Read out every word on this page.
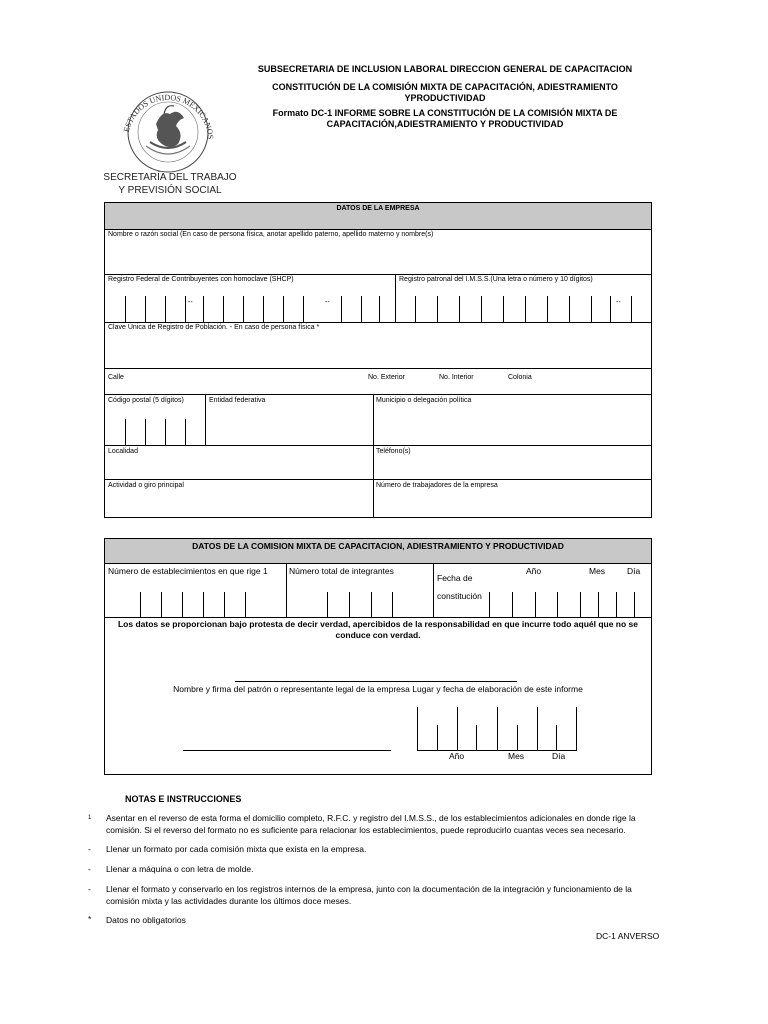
SUBSECRETARIA DE INCLUSION LABORAL DIRECCION GENERAL DE CAPACITACION
CONSTITUCIÓN DE LA COMISIÓN MIXTA DE CAPACITACIÓN, ADIESTRAMIENTO YPRODUCTIVIDAD
Formato DC-1 INFORME SOBRE LA CONSTITUCIÓN DE LA COMISIÓN MIXTA DE CAPACITACIÓN,ADIESTRAMIENTO Y PRODUCTIVIDAD
ESTADOS UNIDOS MEXICANOS
SECRETARÍA DEL TRABAJO
Y PREVISIÓN SOCIAL
DATOS DE LA EMPRESA
Nombre o razón social (En caso de persona física, anotar apellido paterno, apellido materno y nombre(s)
Registro Federal de Contribuyentes con homoclave (SHCP)	Registro patronal del I.M.S.S.(Una letra o número y 10 dígitos)
--	--	--
Clave Única de Registro de Población. - En caso de persona física *
Calle	No. Exterior	No. Interior	Colonia
Código postal (5 dígitos)	Entidad federativa	Municipio o delegación política
Localidad	Teléfono(s)
Actividad o giro principal	Número de trabajadores de la empresa
DATOS DE LA COMISION MIXTA DE CAPACITACION, ADIESTRAMIENTO Y PRODUCTIVIDAD
Número de establecimientos en que rige 1	Número total de integrantes
Fecha de
constitución
Año	Mes	Día
Los datos se proporcionan bajo protesta de decir verdad, apercibidos de la responsabilidad en que incurre todo aquél que no se conduce con verdad.
Nombre y firma del patrón o representante legal de la empresa Lugar y fecha de elaboración de este informe
Año	Mes	Día
NOTAS E INSTRUCCIONES
1 Asentar en el reverso de esta forma el domicilio completo, R.F.C. y registro del I.M.S.S., de los establecimientos adicionales en donde rige la comisión. Si el reverso del formato no es suficiente para relacionar los establecimientos, puede reproducirlo cuantas veces sea necesario.
- Llenar un formato por cada comisión mixta que exista en la empresa.
- Llenar a máquina o con letra de molde.
- Llenar el formato y conservarlo en los registros internos de la empresa, junto con la documentación de la integración y funcionamiento de la comisión mixta y las actividades durante los últimos doce meses.
* Datos no obligatorios
DC-1 ANVERSO
